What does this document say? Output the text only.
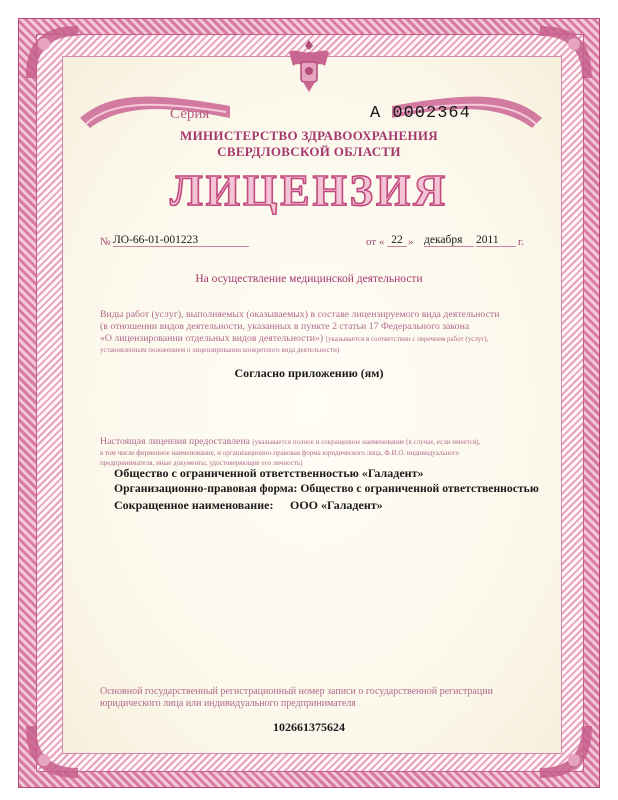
Серия	А 0002364
МИНИСТЕРСТВО ЗДРАВООХРАНЕНИЯ
СВЕРДЛОВСКОЙ ОБЛАСТИ
ЛИЦЕНЗИЯ
№ ЛО-66-01-001223	от « 22 » декабря	2011	г.
На осуществление медицинской деятельности
Виды работ (услуг), выполняемых (оказываемых) в составе лицензируемого вида деятельности
(в отношении видов деятельности, указанных в пункте 2 статьи 17 Федерального закона
«О лицензировании отдельных видов деятельности») (указывается в соответствии с перечнем работ (услуг),
установленным положением о лицензировании конкретного вида деятельности)
Согласно приложению (ям)
Настоящая лицензия предоставлена (указывается полное и сокращенное наименование (в случае, если имеется),
в том числе фирменное наименование, и организационно-правовая форма юридического лица, Ф.И.О. индивидуального
предпринимателя, иные документы, удостоверяющие его личность)
Общество с ограниченной ответственностью «Галадент»
Организационно-правовая форма: Общество с ограниченной ответственностью
Сокращенное наименование: ООО «Галадент»
Основной государственный регистрационный номер записи о государственной регистрации
юридического лица или индивидуального предпринимателя
102661375624
